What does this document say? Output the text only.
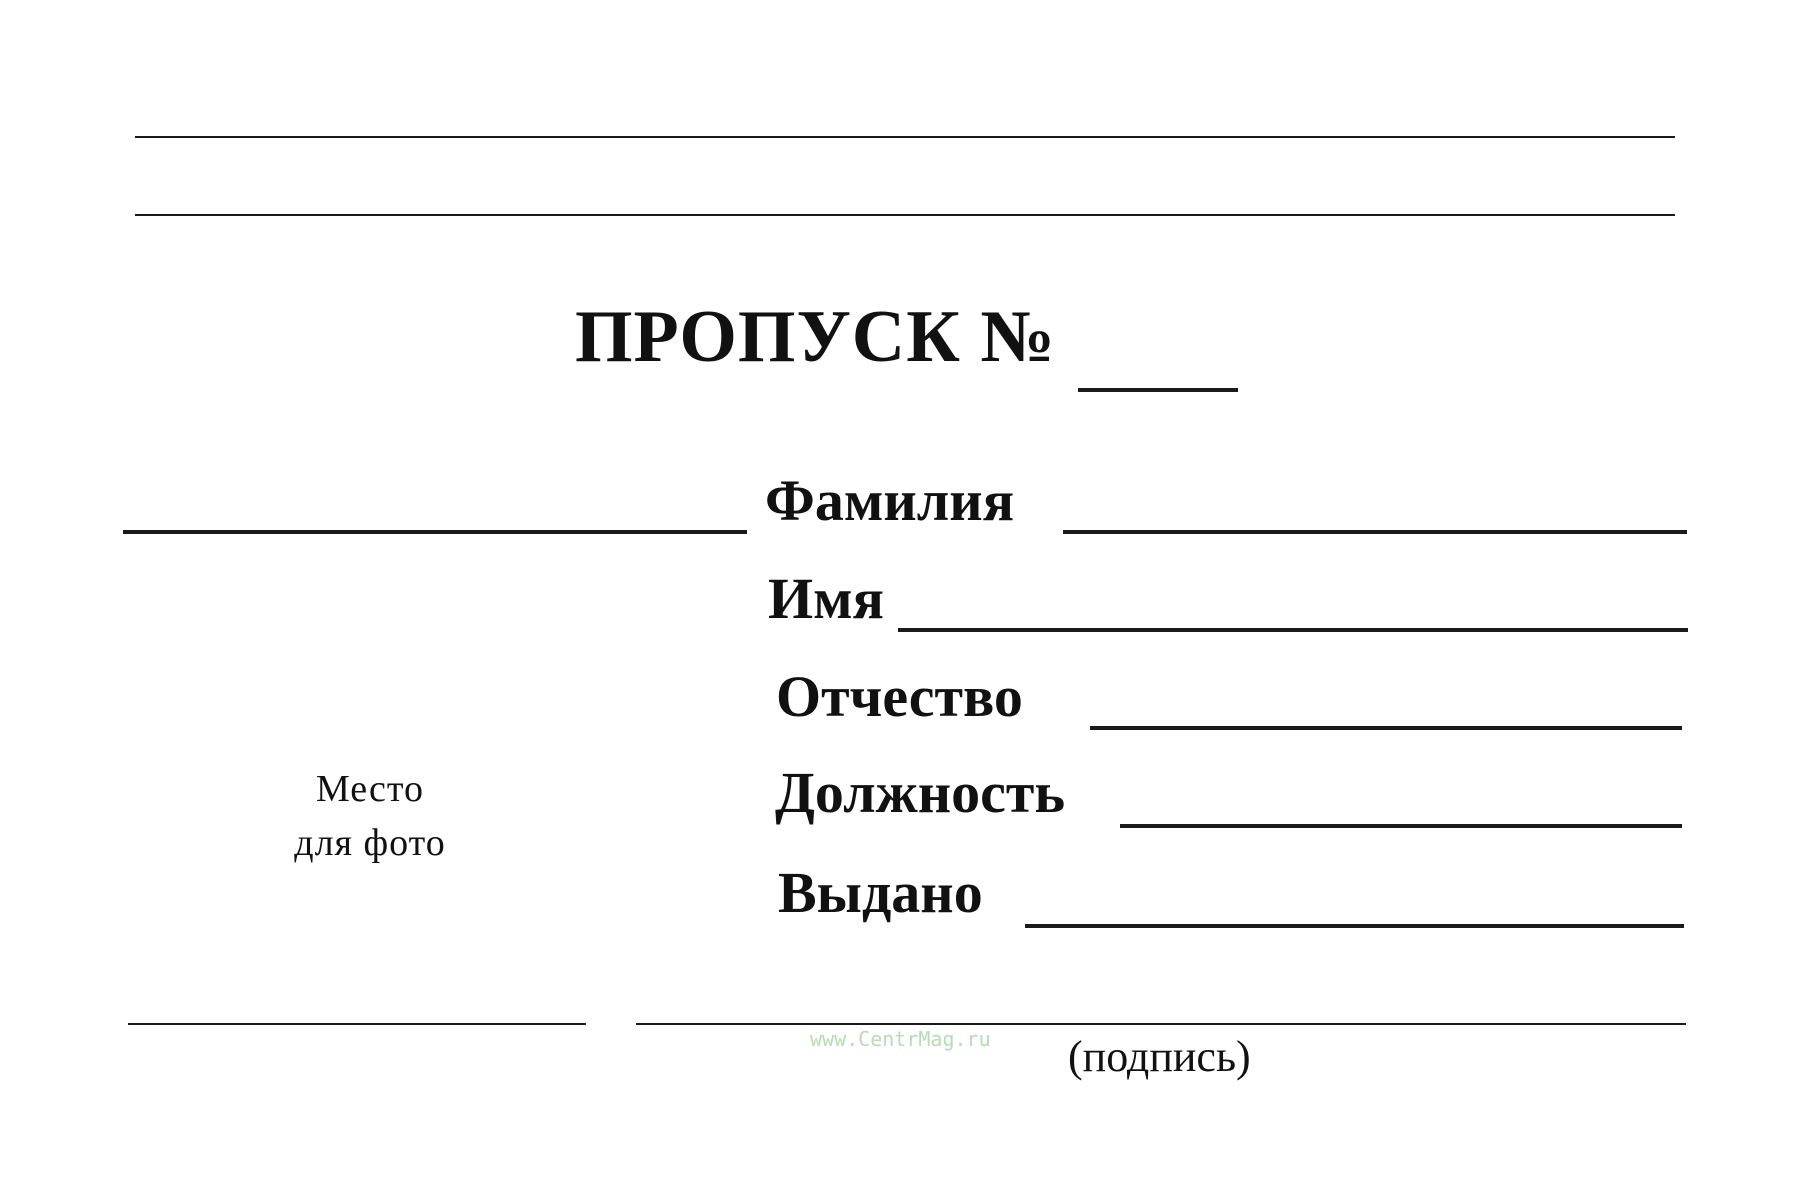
ПРОПУСК №
Место
для фото
Фамилия
Имя
Отчество
Должность
Выдано
www.CentrMag.ru (подпись)
